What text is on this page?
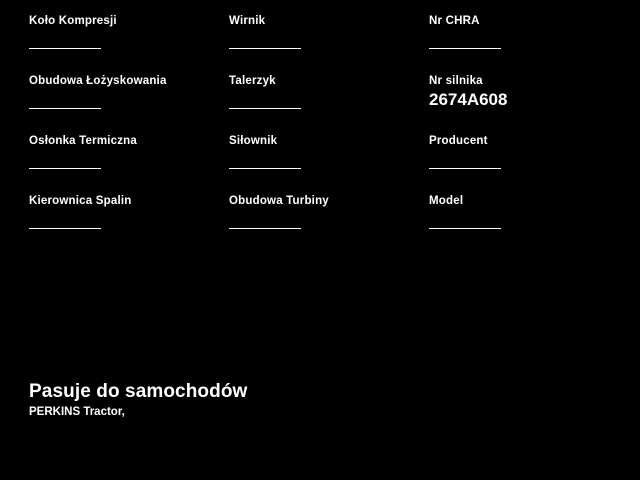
Koło Kompresji
Obudowa Łożyskowania
Osłonka Termiczna
Kierownica Spalin
Wirnik
Talerzyk
Siłownik
Obudowa Turbiny
Nr CHRA
Nr silnika
2674A608
Producent
Model
Pasuje do samochodów
PERKINS Tractor,
